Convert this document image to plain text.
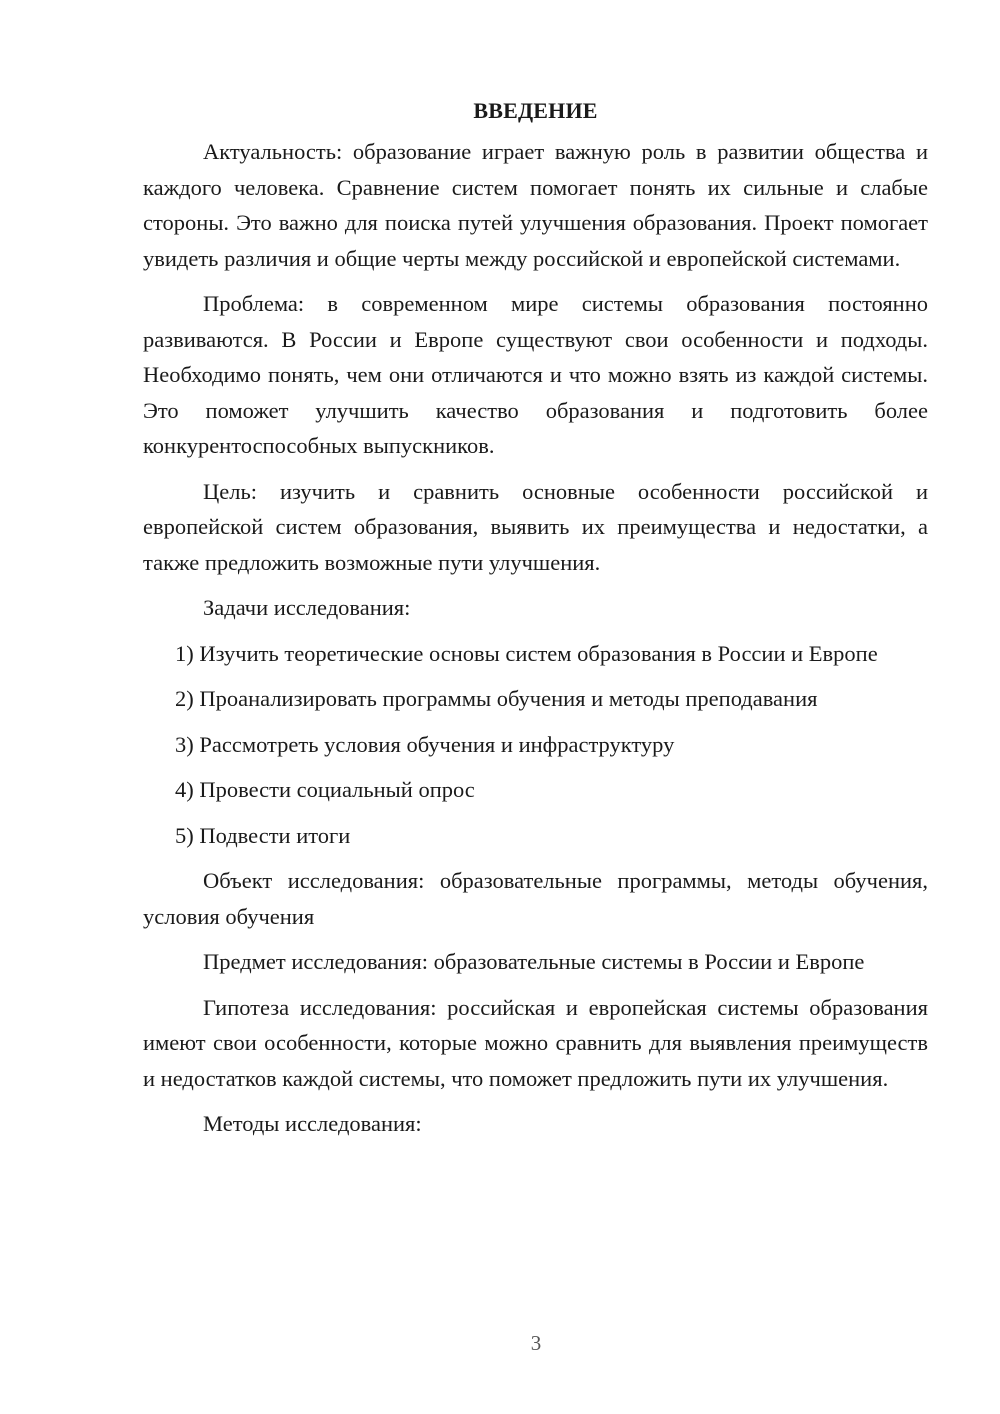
ВВЕДЕНИЕ

Актуальность: образование играет важную роль в развитии общества и каждого человека. Сравнение систем помогает понять их сильные и слабые стороны. Это важно для поиска путей улучшения образования. Проект помогает увидеть различия и общие черты между российской и европейской системами.

Проблема: в современном мире системы образования постоянно развиваются. В России и Европе существуют свои особенности и подходы. Необходимо понять, чем они отличаются и что можно взять из каждой системы. Это поможет улучшить качество образования и подготовить более конкурентоспособных выпускников.

Цель: изучить и сравнить основные особенности российской и европейской систем образования, выявить их преимущества и недостатки, а также предложить возможные пути улучшения.

Задачи исследования:

1) Изучить теоретические основы систем образования в России и Европе

2) Проанализировать программы обучения и методы преподавания

3) Рассмотреть условия обучения и инфраструктуру

4) Провести социальный опрос

5) Подвести итоги

Объект исследования: образовательные программы, методы обучения, условия обучения

Предмет исследования: образовательные системы в России и Европе

Гипотеза исследования: российская и европейская системы образования имеют свои особенности, которые можно сравнить для выявления преимуществ и недостатков каждой системы, что поможет предложить пути их улучшения.

Методы исследования:

3
